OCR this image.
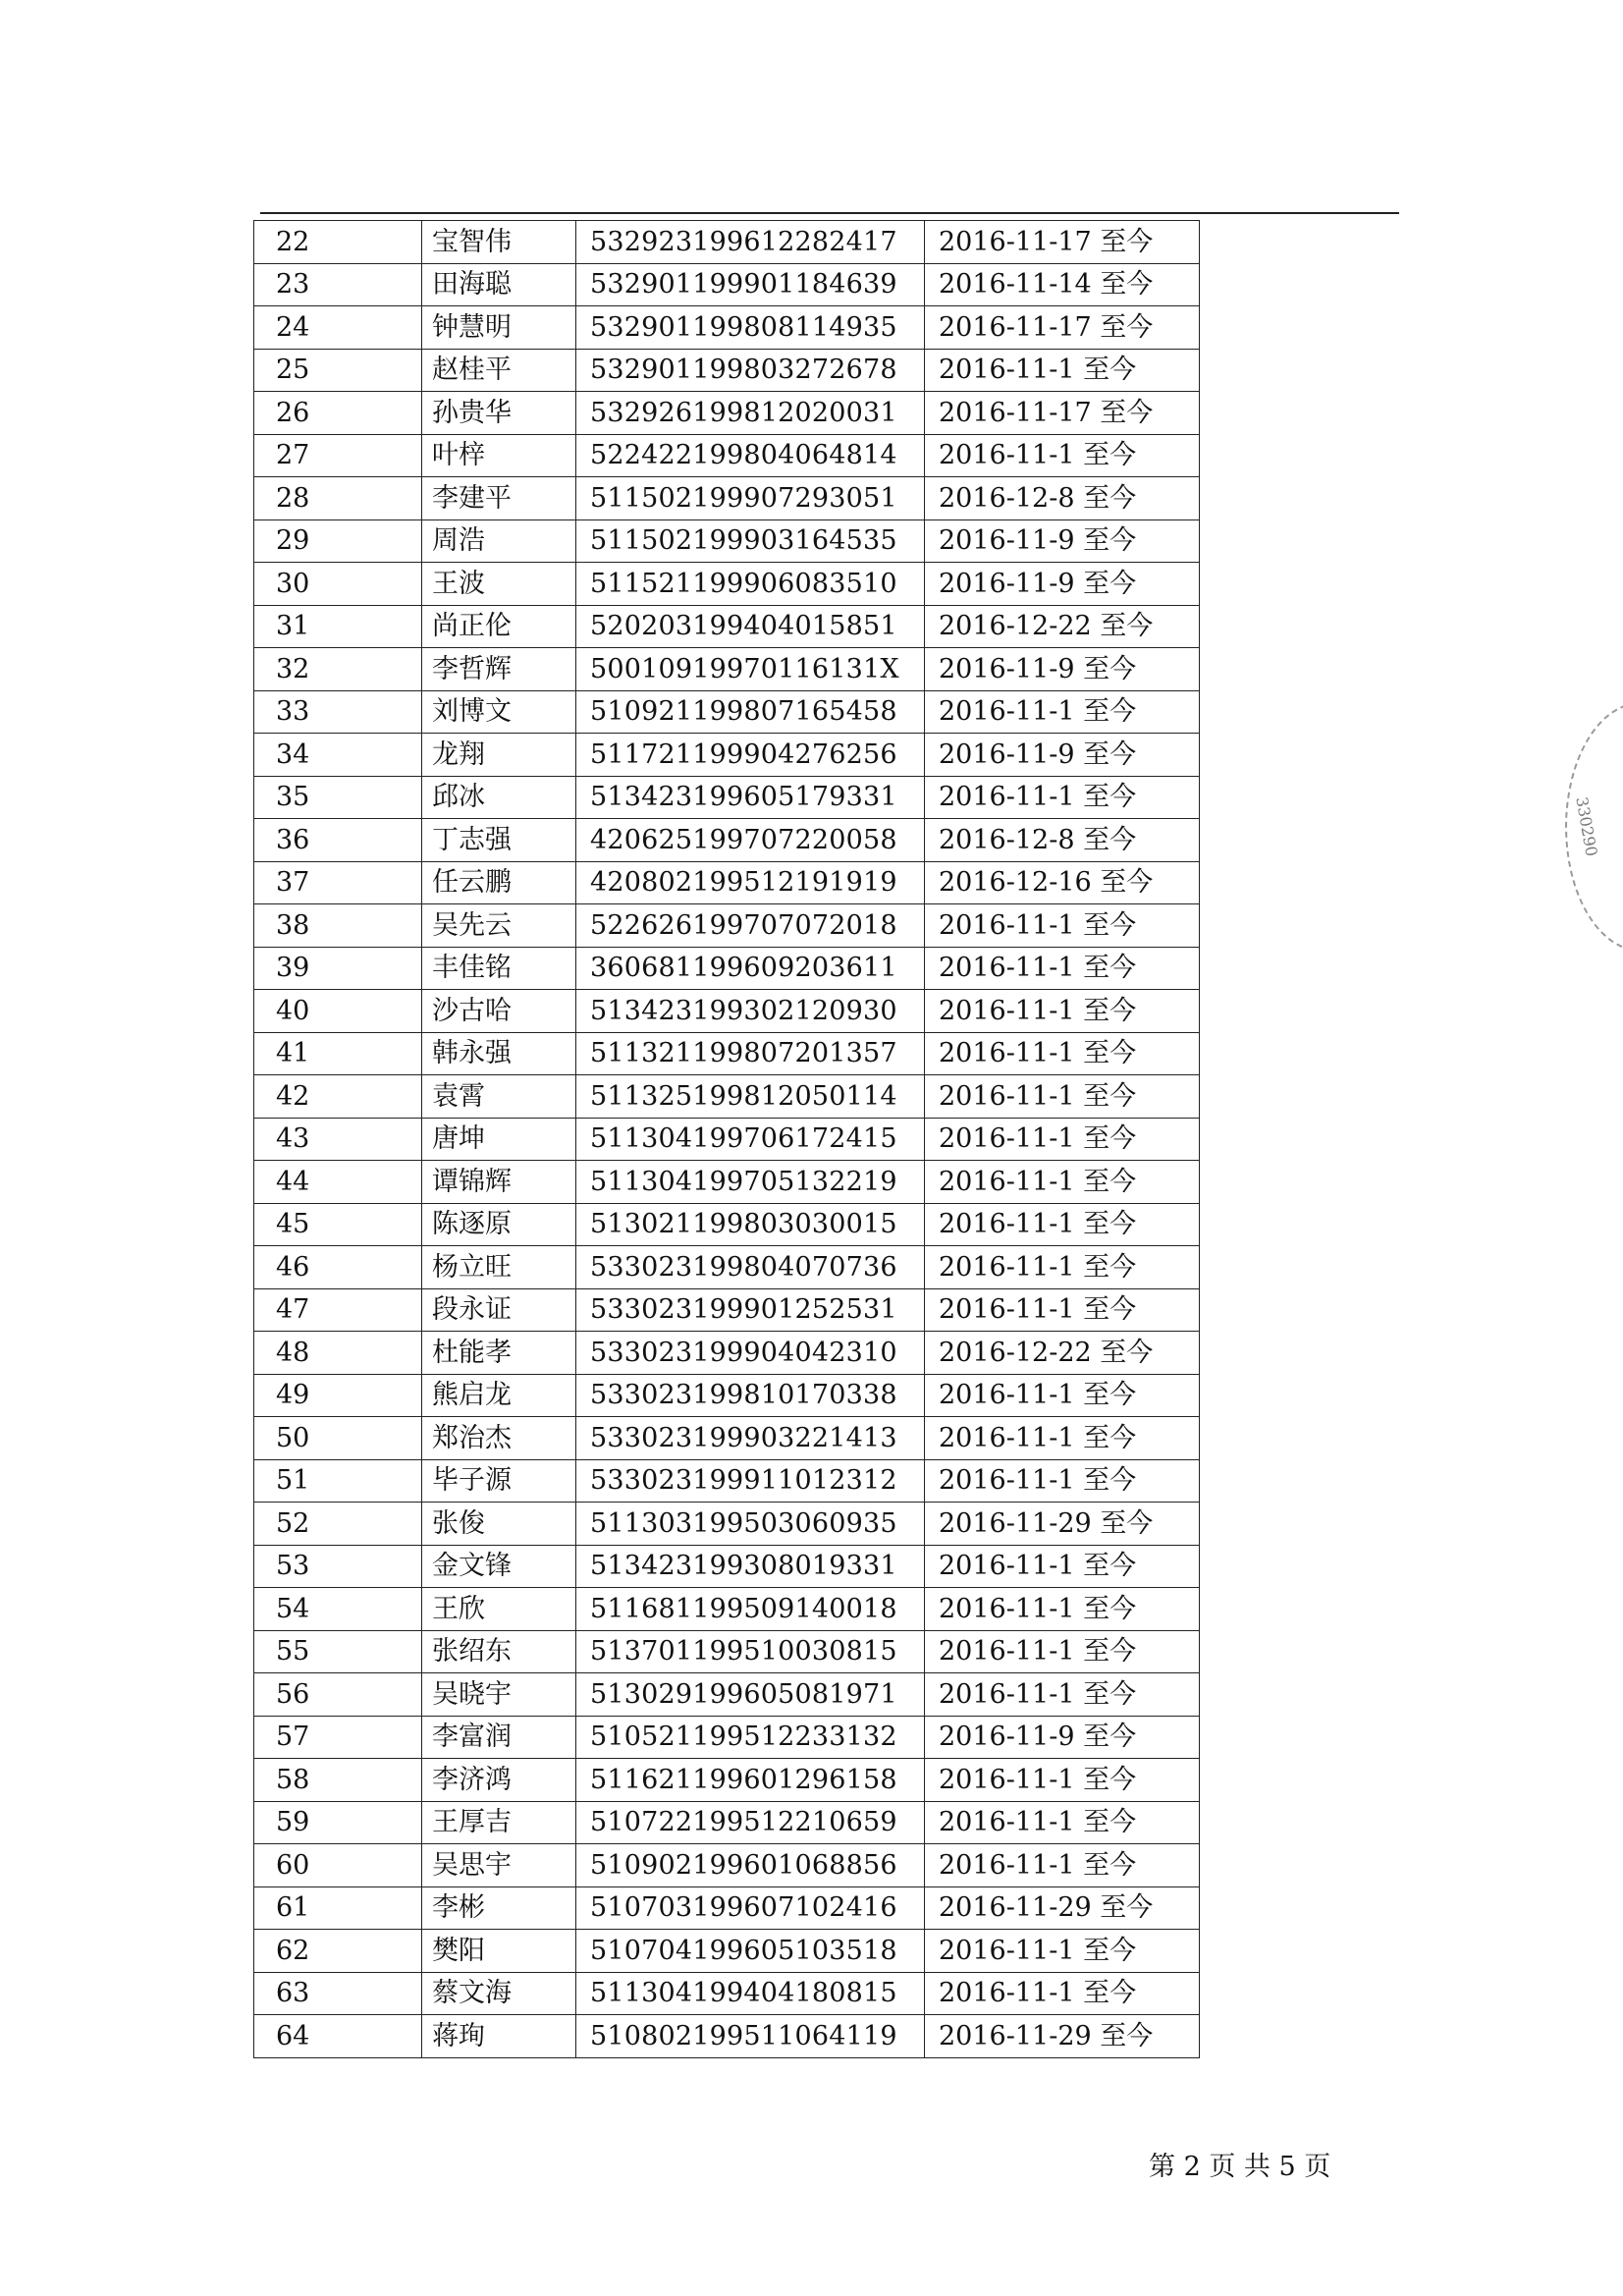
22	宝智伟	532923199612282417	2016-11-17 至今
23	田海聪	532901199901184639	2016-11-14 至今
24	钟慧明	532901199808114935	2016-11-17 至今
25	赵桂平	532901199803272678	2016-11-1 至今
26	孙贵华	532926199812020031	2016-11-17 至今
27	叶梓	522422199804064814	2016-11-1 至今
28	李建平	511502199907293051	2016-12-8 至今
29	周浩	511502199903164535	2016-11-9 至今
30	王波	511521199906083510	2016-11-9 至今
31	尚正伦	520203199404015851	2016-12-22 至今
32	李哲辉	50010919970116131X	2016-11-9 至今
33	刘博文	510921199807165458	2016-11-1 至今
34	龙翔	511721199904276256	2016-11-9 至今
35	邱冰	513423199605179331	2016-11-1 至今
36	丁志强	420625199707220058	2016-12-8 至今
37	任云鹏	420802199512191919	2016-12-16 至今
38	吴先云	522626199707072018	2016-11-1 至今
39	丰佳铭	360681199609203611	2016-11-1 至今
40	沙古哈	513423199302120930	2016-11-1 至今
41	韩永强	511321199807201357	2016-11-1 至今
42	袁霄	511325199812050114	2016-11-1 至今
43	唐坤	511304199706172415	2016-11-1 至今
44	谭锦辉	511304199705132219	2016-11-1 至今
45	陈逐原	513021199803030015	2016-11-1 至今
46	杨立旺	533023199804070736	2016-11-1 至今
47	段永证	533023199901252531	2016-11-1 至今
48	杜能孝	533023199904042310	2016-12-22 至今
49	熊启龙	533023199810170338	2016-11-1 至今
50	郑治杰	533023199903221413	2016-11-1 至今
51	毕子源	533023199911012312	2016-11-1 至今
52	张俊	511303199503060935	2016-11-29 至今
53	金文锋	513423199308019331	2016-11-1 至今
54	王欣	511681199509140018	2016-11-1 至今
55	张绍东	513701199510030815	2016-11-1 至今
56	吴晓宇	513029199605081971	2016-11-1 至今
57	李富润	510521199512233132	2016-11-9 至今
58	李济鸿	511621199601296158	2016-11-1 至今
59	王厚吉	510722199512210659	2016-11-1 至今
60	吴思宇	510902199601068856	2016-11-1 至今
61	李彬	510703199607102416	2016-11-29 至今
62	樊阳	510704199605103518	2016-11-1 至今
63	蔡文海	511304199404180815	2016-11-1 至今
64	蒋珣	510802199511064119	2016-11-29 至今
第 2 页 共 5 页
330290
